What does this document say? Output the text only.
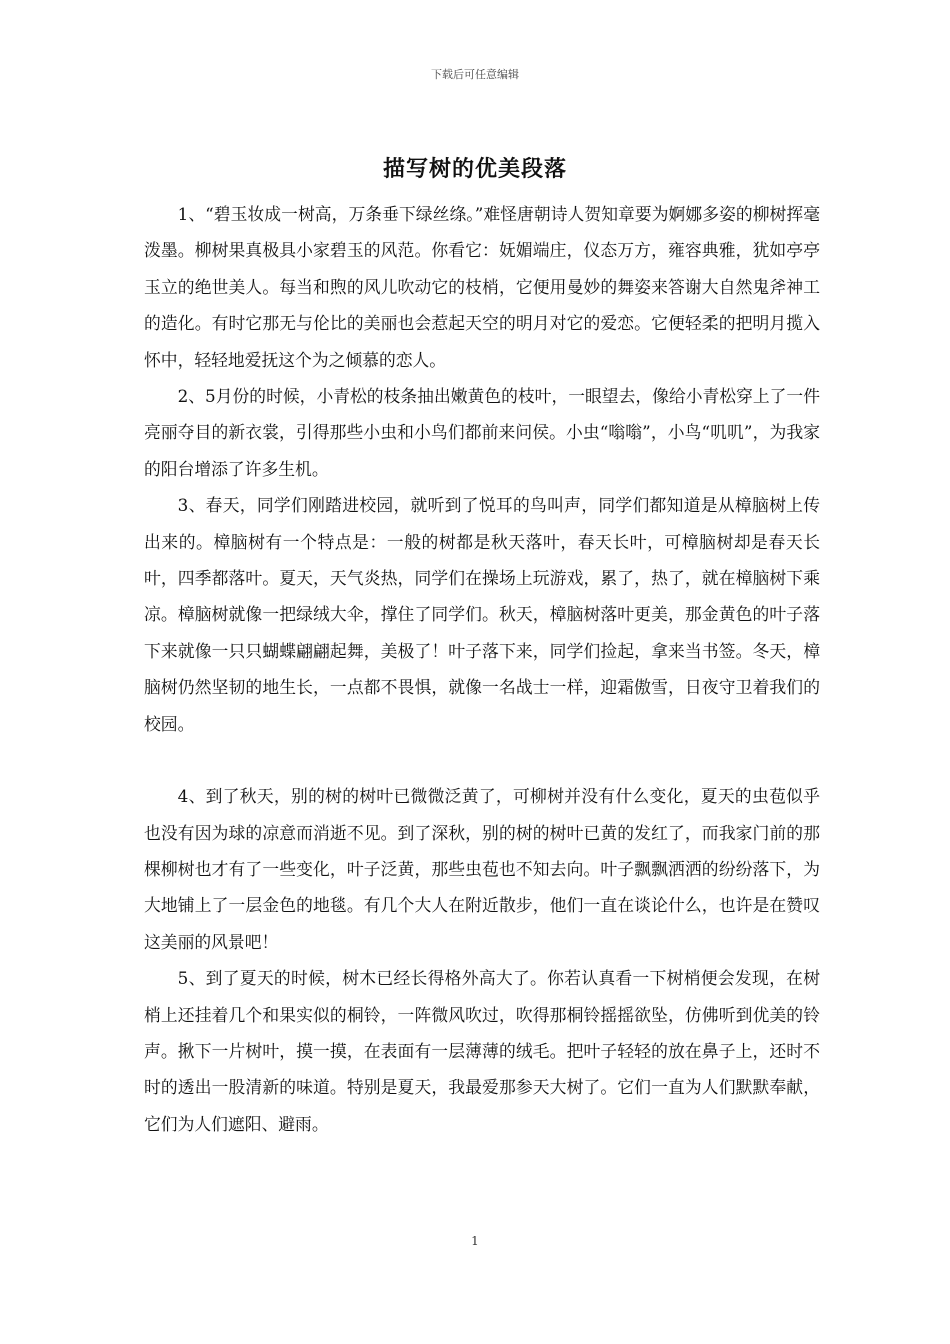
下载后可任意编辑
描写树的优美段落

1、“碧玉妆成一树高，万条垂下绿丝绦。”难怪唐朝诗人贺知章要为婀娜多姿的柳树挥毫泼墨。柳树果真极具小家碧玉的风范。你看它：妩媚端庄，仪态万方，雍容典雅，犹如亭亭玉立的绝世美人。每当和煦的风儿吹动它的枝梢，它便用曼妙的舞姿来答谢大自然鬼斧神工的造化。有时它那无与伦比的美丽也会惹起天空的明月对它的爱恋。它便轻柔的把明月揽入怀中，轻轻地爱抚这个为之倾慕的恋人。

2、5月份的时候，小青松的枝条抽出嫩黄色的枝叶，一眼望去，像给小青松穿上了一件亮丽夺目的新衣裳，引得那些小虫和小鸟们都前来问侯。小虫“嗡嗡”，小鸟“叽叽”，为我家的阳台增添了许多生机。

3、春天，同学们刚踏进校园，就听到了悦耳的鸟叫声，同学们都知道是从樟脑树上传出来的。樟脑树有一个特点是：一般的树都是秋天落叶，春天长叶，可樟脑树却是春天长叶，四季都落叶。夏天，天气炎热，同学们在操场上玩游戏，累了，热了，就在樟脑树下乘凉。樟脑树就像一把绿绒大伞，撑住了同学们。秋天，樟脑树落叶更美，那金黄色的叶子落下来就像一只只蝴蝶翩翩起舞，美极了！叶子落下来，同学们捡起，拿来当书签。冬天，樟脑树仍然坚韧的地生长，一点都不畏惧，就像一名战士一样，迎霜傲雪，日夜守卫着我们的校园。

4、到了秋天，别的树的树叶已微微泛黄了，可柳树并没有什么变化，夏天的虫苞似乎也没有因为球的凉意而消逝不见。到了深秋，别的树的树叶已黄的发红了，而我家门前的那棵柳树也才有了一些变化，叶子泛黄，那些虫苞也不知去向。叶子飘飘洒洒的纷纷落下，为大地铺上了一层金色的地毯。有几个大人在附近散步，他们一直在谈论什么，也许是在赞叹这美丽的风景吧！

5、到了夏天的时候，树木已经长得格外高大了。你若认真看一下树梢便会发现，在树梢上还挂着几个和果实似的桐铃，一阵微风吹过，吹得那桐铃摇摇欲坠，仿佛听到优美的铃声。揪下一片树叶，摸一摸，在表面有一层薄薄的绒毛。把叶子轻轻的放在鼻子上，还时不时的透出一股清新的味道。特别是夏天，我最爱那参天大树了。它们一直为人们默默奉献，它们为人们遮阳、避雨。

1
